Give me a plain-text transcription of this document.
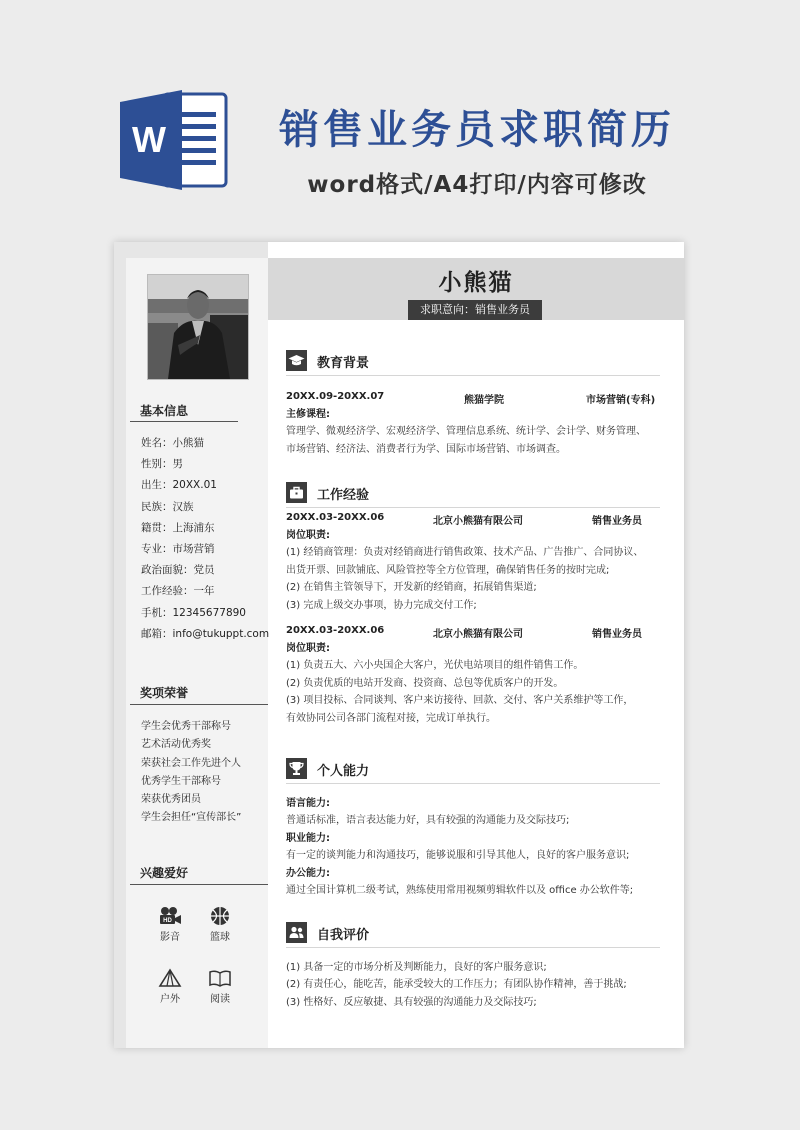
W	销售业务员求职简历
word格式/A4打印/内容可修改
基本信息
姓名：小熊猫
性别：男
出生：20XX.01
民族：汉族
籍贯：上海浦东
专业：市场营销
政治面貌：党员
工作经验：一年
手机：12345677890
邮箱：info@tukuppt.com
奖项荣誉
学生会优秀干部称号
艺术活动优秀奖
荣获社会工作先进个人
优秀学生干部称号
荣获优秀团员
学生会担任“宣传部长”
兴趣爱好
HD
影音	篮球
户外	阅读
小熊猫
求职意向：销售业务员
教育背景
20XX.09-20XX.07	熊猫学院	市场营销(专科)
主修课程:
管理学、微观经济学、宏观经济学、管理信息系统、统计学、会计学、财务管理、
市场营销、经济法、消费者行为学、国际市场营销、市场调查。
工作经验
20XX.03-20XX.06	北京小熊猫有限公司	销售业务员
岗位职责:
(1) 经销商管理：负责对经销商进行销售政策、技术产品、广告推广、合同协议、
出货开票、回款铺底、风险管控等全方位管理，确保销售任务的按时完成;
(2) 在销售主管领导下，开发新的经销商，拓展销售渠道;
(3) 完成上级交办事项，协力完成交付工作;
20XX.03-20XX.06	北京小熊猫有限公司	销售业务员
岗位职责:
(1) 负责五大、六小央国企大客户，光伏电站项目的组件销售工作。
(2) 负责优质的电站开发商、投资商、总包等优质客户的开发。
(3) 项目投标、合同谈判、客户来访接待、回款、交付、客户关系维护等工作，
有效协同公司各部门流程对接，完成订单执行。
个人能力
语言能力:
普通话标准，语言表达能力好，具有较强的沟通能力及交际技巧;
职业能力:
有一定的谈判能力和沟通技巧，能够说服和引导其他人，良好的客户服务意识;
办公能力:
通过全国计算机二级考试，熟练使用常用视频剪辑软件以及 office 办公软件等;
自我评价
(1) 具备一定的市场分析及判断能力，良好的客户服务意识;
(2) 有责任心，能吃苦，能承受较大的工作压力；有团队协作精神，善于挑战;
(3) 性格好、反应敏捷、具有较强的沟通能力及交际技巧;
